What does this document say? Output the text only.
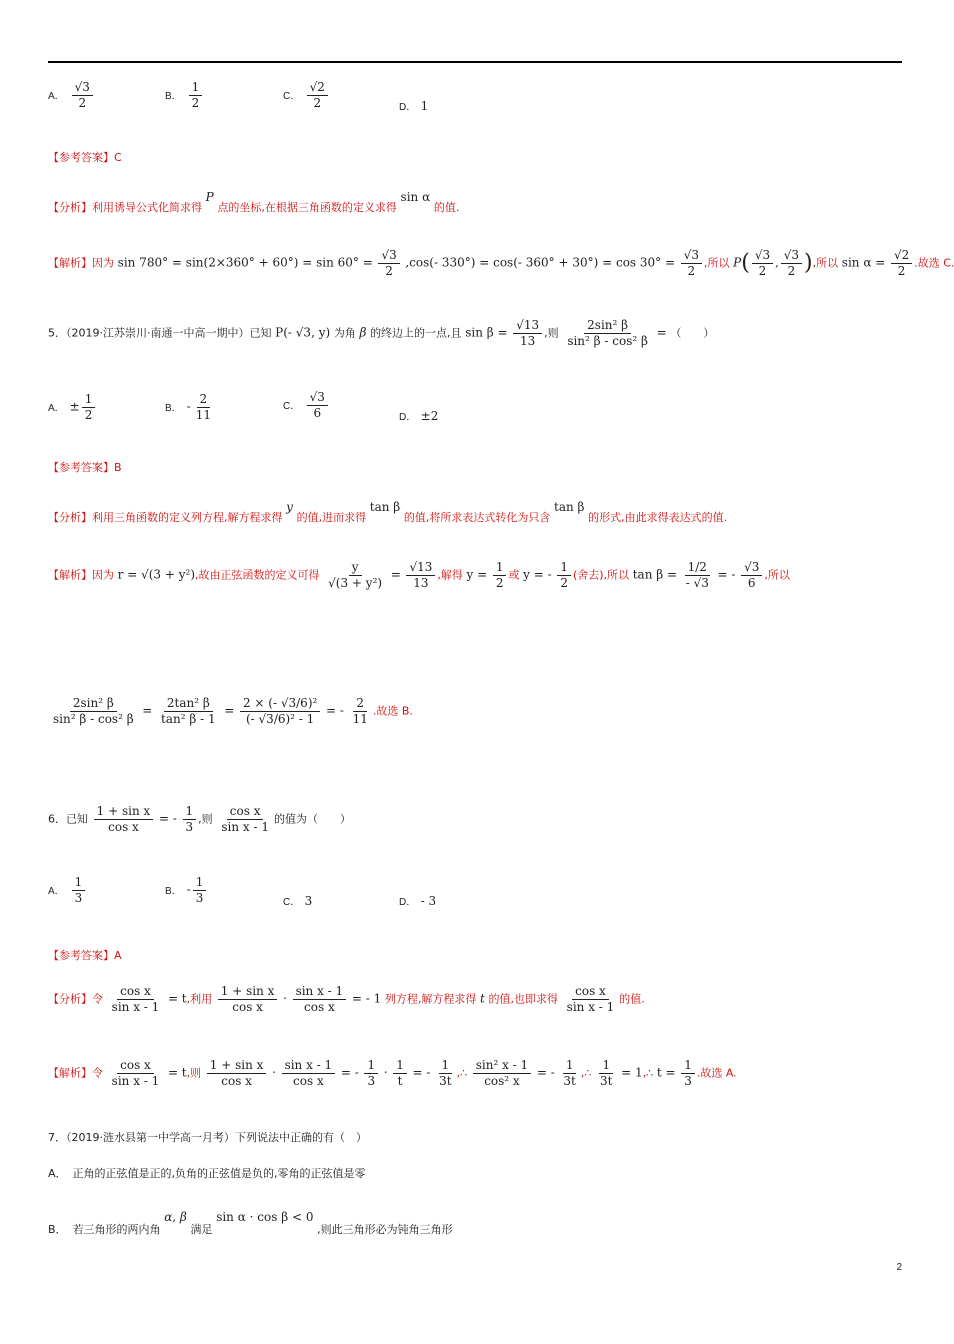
A． $\frac{√3}{2}$	B． $\frac{1}{2}$	C． $\frac{√2}{2}$	D． 1
【参考答案】C
【分析】利用诱导公式化简求得 P 点的坐标,在根据三角函数的定义求得 sin α 的值.
【解析】因为 $\sin 780^\circ = \sin(2\times 360^\circ + 60^\circ) = \sin 60^\circ = \frac{√3}{2} ,\cos(-$ 330°) = cos(- $360^\circ + 30^\circ) = \cos 30^\circ = \frac{√3}{2}$ ,所以 $P( \frac{√3}{2}$ , $\frac{√3}{2}$ ),所以 $\sin \alpha = \frac{√2}{2}$ .故选 C.
5．（2019·江苏崇川·南通一中高一期中）已知 P(- √3, y) 为角 β 的终边上的一点,且 $\sin \beta = \frac{√13}{13}$ ,则 $\frac{\text{2sin² β}}{\text{sin² β - cos² β}}$ = （　　）
A． ± $\frac{1}{2}$	B． - $\frac{2}{11}$	C． $\frac{√3}{6}$	D． ±2
【参考答案】B
【分析】利用三角函数的定义列方程,解方程求得 y 的值,进而求得 tan β 的值,将所求表达式转化为只含 tan β 的形式,由此求得表达式的值.
【解析】因为 r = √(3 + y²),故由正弦函数的定义可得 $\frac{y}{\text{√(3 + y²)}} = \frac{√13}{13}$ ,解得 $y = \frac{1}{2}$ 或 y = - $\frac{1}{2}$ (舍去),所以 $\tan \beta = \frac{1/2}{- √3}$ = - $\frac{√3}{6}$ ,所以
$\frac{\text{2sin² β}}{\text{sin² β - cos² β}} = \frac{\text{2tan² β}}{\text{tan² β - 1}} = \frac{\text{2 × (- √3/6)²}}{\text{(- √3/6)² - 1}}$ = - $\frac{2}{11}$ .故选 B.
6．已知 $\frac{\text{1 + sin x}}{\text{cos x}}$ = - $\frac{1}{3}$ ,则 $\frac{\text{cos x}}{\text{sin x - 1}}$ 的值为（　　）
A． $\frac{1}{3}$	B． - $\frac{1}{3}$	C． 3	D． - 3
【参考答案】A
【分析】令 $\frac{\text{cos x}}{\text{sin x - 1}} = t$,利用 $\frac{\text{1 + sin x}}{\text{cos x}} \cdot \frac{\text{sin x - 1}}{\text{cos x}}$ = - 1 列方程,解方程求得 t 的值,也即求得 $\frac{\text{cos x}}{\text{sin x - 1}}$ 的值.
【解析】令 $\frac{\text{cos x}}{\text{sin x - 1}} = t$,则 $\frac{\text{1 + sin x}}{\text{cos x}} \cdot \frac{\text{sin x - 1}}{\text{cos x}}$ = - $\frac{1}{3} \cdot \frac{1}{t}$ = - $\frac{1}{3t}$ ,∴ $\frac{\text{sin² x - 1}}{\text{cos² x}}$ = - $\frac{1}{3t}$ ,∴ $\frac{1}{3t}$ = 1,∴ $t = \frac{1}{3}$ .故选 A.
7．（2019·涟水县第一中学高一月考）下列说法中正确的有（　）
A． 正角的正弦值是正的,负角的正弦值是负的,零角的正弦值是零
B． 若三角形的两内角 α, β 满足 sin α · cos β < 0 ,则此三角形必为钝角三角形
2
